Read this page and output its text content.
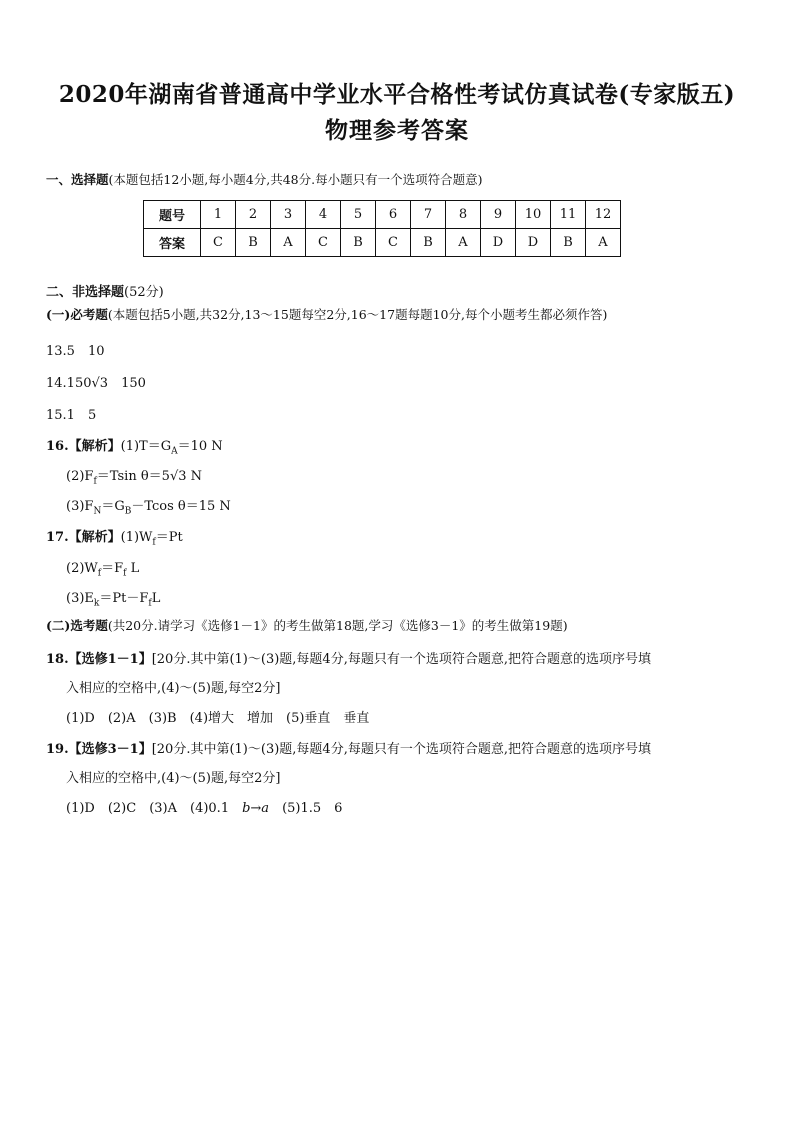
2020年湖南省普通高中学业水平合格性考试仿真试卷(专家版五)
物理参考答案
一、选择题(本题包括12小题,每小题4分,共48分.每小题只有一个选项符合题意)
题号	1	2	3	4	5	6	7	8	9	10	11	12
答案	C	B	A	C	B	C	B	A	D	D	B	A
二、非选择题(52分)
(一)必考题(本题包括5小题,共32分,13～15题每空2分,16～17题每题10分,每个小题考生都必须作答)
13.5　10
14.150√3　150
15.1　5
16.【解析】$(1)T=G_A=10$ N
$(2)F_f=Tsin$ θ＝5√3 N
$(3)F_N=G_B-Tcos$ θ＝15 N
17.【解析】$(1)W_f=Pt$
$(2)W_f=F_f$ L
$(3)E_k=Pt-F_fL$
(二)选考题(共20分.请学习《选修1－1》的考生做第18题,学习《选修3－1》的考生做第19题)
18.【选修1－1】[20分.其中第(1)～(3)题,每题4分,每题只有一个选项符合题意,把符合题意的选项序号填
入相应的空格中,(4)～(5)题,每空2分]
(1)D　(2)A　(3)B　(4)增大　增加　(5)垂直　垂直
19.【选修3－1】[20分.其中第(1)～(3)题,每题4分,每题只有一个选项符合题意,把符合题意的选项序号填
入相应的空格中,(4)～(5)题,每空2分]
(1)D　(2)C　(3)A　(4)0.1　b→a　(5)1.5　6
